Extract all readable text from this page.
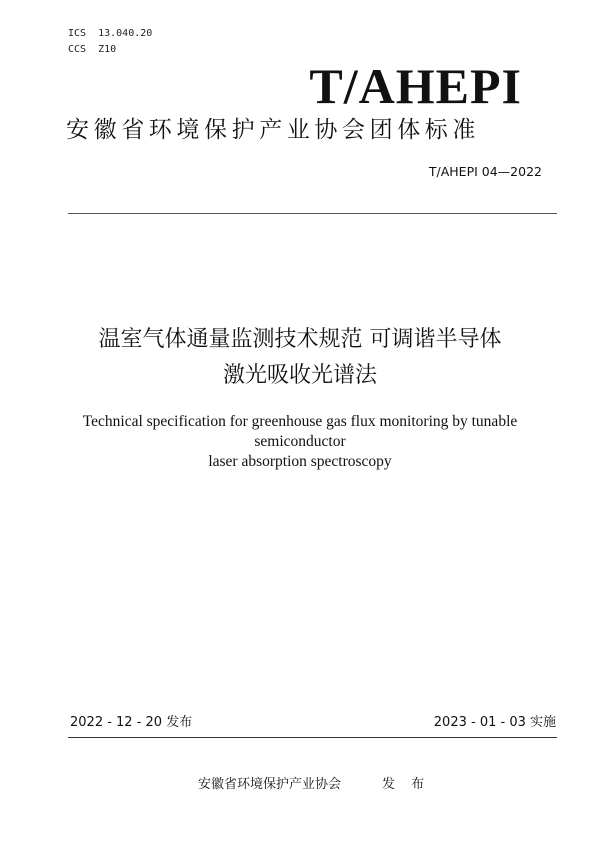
ICS  13.040.20
CCS  Z10
T/AHEPI
安徽省环境保护产业协会团体标准
T/AHEPI 04—2022
温室气体通量监测技术规范 可调谐半导体
激光吸收光谱法
Technical specification for greenhouse gas flux monitoring by tunable semiconductor
laser absorption spectroscopy
2022 - 12 - 20 发布	2023 - 01 - 03 实施
安徽省环境保护产业协会	发 布
